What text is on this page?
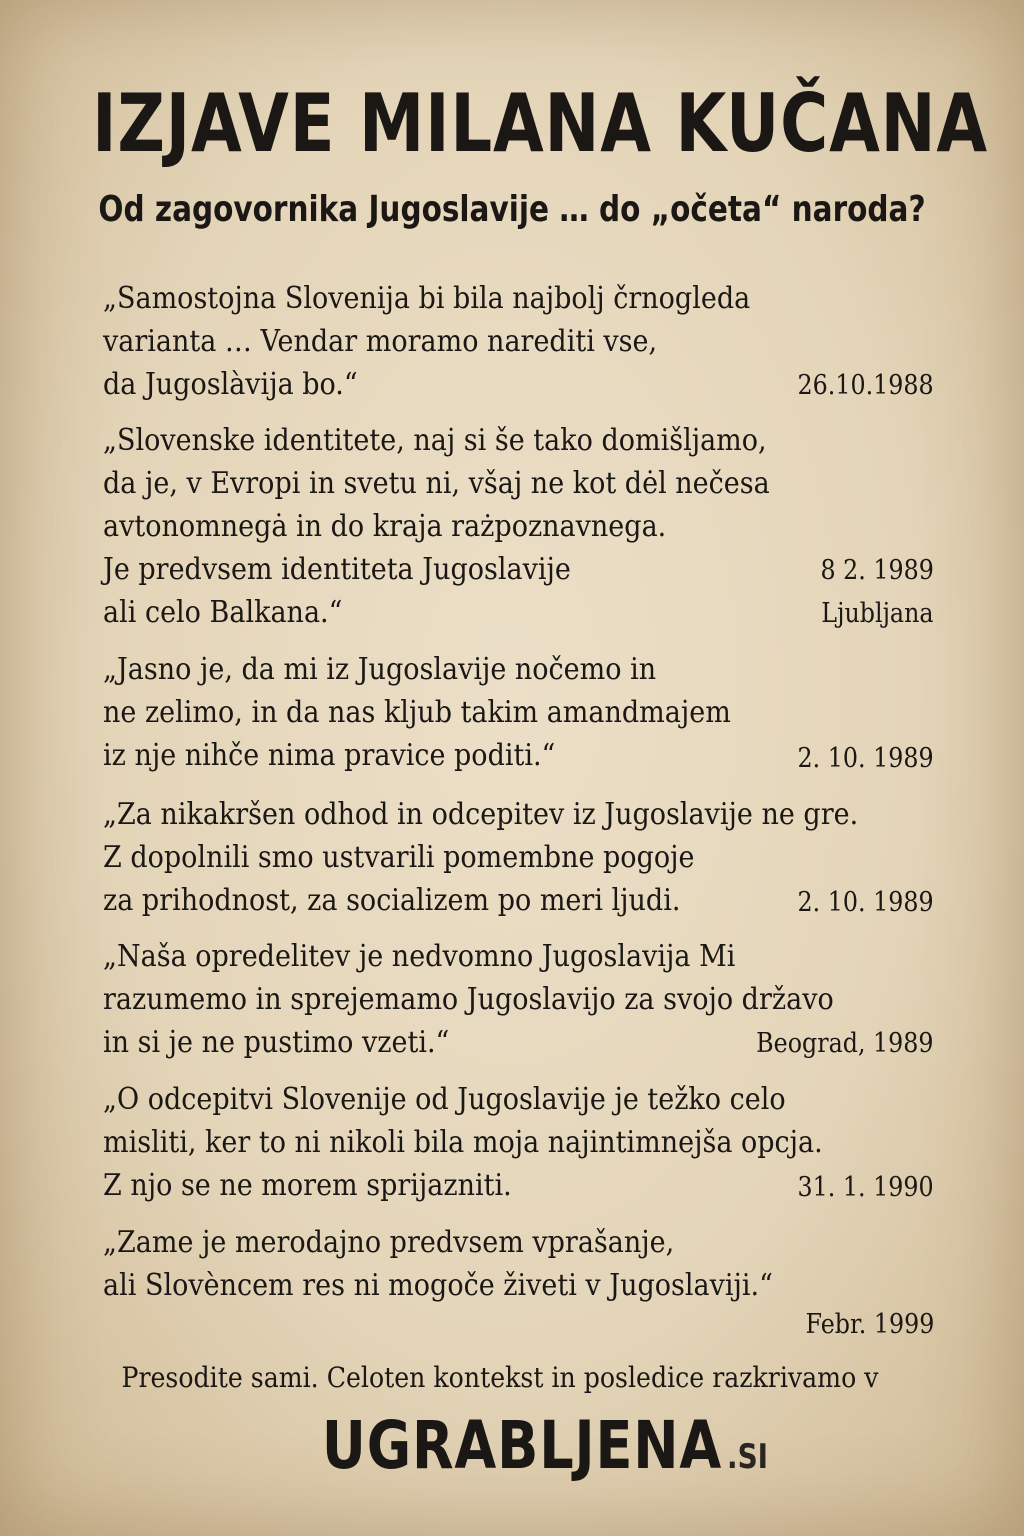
IZJAVE MILANA KUČANA
Od zagovornika Jugoslavije … do „očeta“ naroda?
„Samostojna Slovenija bi bila najbolj črnogleda
varianta … Vendar moramo narediti vse,
da Jugoslàvija bo.“	26.10.1988
„Slovenske identitete, naj si še tako domišljamo,
da je, v Evropi in svetu ni, všaj ne kot dėl nečesa
avtonomnegȧ in do kraja rażpoznavnega.
Je predvsem identiteta Jugoslavije
ali celo Balkana.“
8 2. 1989
Ljubljana
„Jasno je, da mi iz Jugoslavije nočemo in
ne zelimo, in da nas kljub takim amandmajem
iz nje nihče nima pravice poditi.“	2. 10. 1989
„Za nikakršen odhod in odcepitev iz Jugoslavije ne gre.
Z dopolnili smo ustvarili pomembne pogoje
za prihodnost, za socializem po meri ljudi.	2. 10. 1989
„Naša opredelitev je nedvomno Jugoslavija Mi
razumemo in sprejemamo Jugoslavijo za svojo državo
in si je ne pustimo vzeti.“	Beograd, 1989
„O odcepitvi Slovenije od Jugoslavije je težko celo
misliti, ker to ni nikoli bila moja najintimnejša opcja.
Z njo se ne morem sprijazniti.	31. 1. 1990
„Zame je merodajno predvsem vprašanje,
ali Slovèncem res ni mogoče živeti v Jugoslaviji.“
Febr. 1999
Presodite sami. Celoten kontekst in posledice razkrivamo v
UGRABLJENA .SI
